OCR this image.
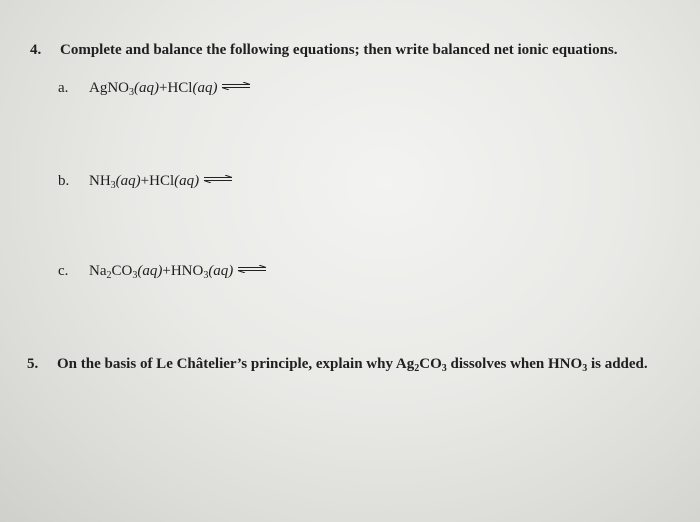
4. Complete and balance the following equations; then write balanced net ionic equations.
a. AgNO$_3$(aq)+HCl(aq) ⇌
b. $NH_3(aq)+HCl(aq)$ ⇌
c. $Na_2CO_3(aq)+HNO_3(aq)$ ⇌
5. On the basis of Le Châtelier’s principle, explain why $Ag_2CO_3$ dissolves when $HNO_3$ is added.
